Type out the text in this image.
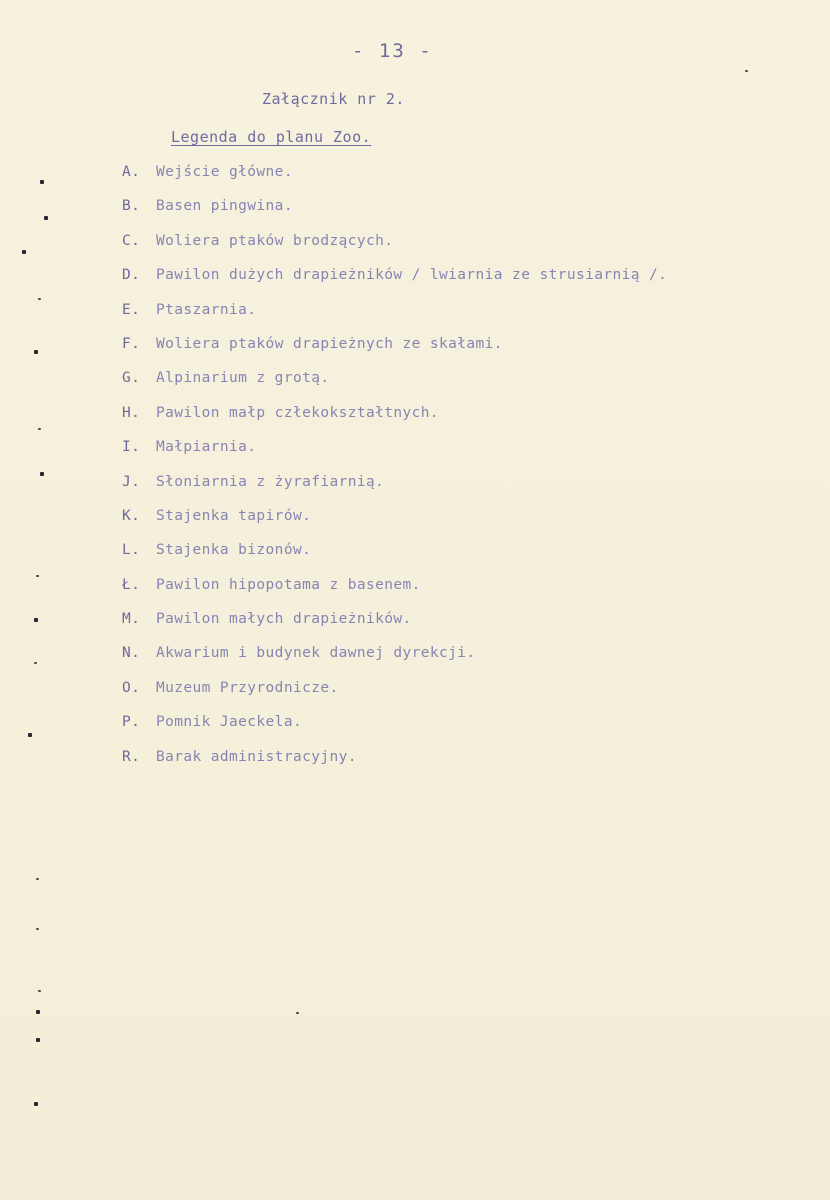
- 13 -
Załącznik nr 2.
Legenda do planu Zoo.
A. Wejście główne.
B. Basen pingwina.
C. Woliera ptaków brodzących.
D. Pawilon dużych drapieżników / lwiarnia ze strusiarnią /.
E. Ptaszarnia.
F. Woliera ptaków drapieżnych ze skałami.
G. Alpinarium z grotą.
H. Pawilon małp człekokształtnych.
I. Małpiarnia.
J. Słoniarnia z żyrafiarnią.
K. Stajenka tapirów.
L. Stajenka bizonów.
Ł. Pawilon hipopotama z basenem.
M. Pawilon małych drapieżników.
N. Akwarium i budynek dawnej dyrekcji.
O. Muzeum Przyrodnicze.
P. Pomnik Jaeckela.
R. Barak administracyjny.
